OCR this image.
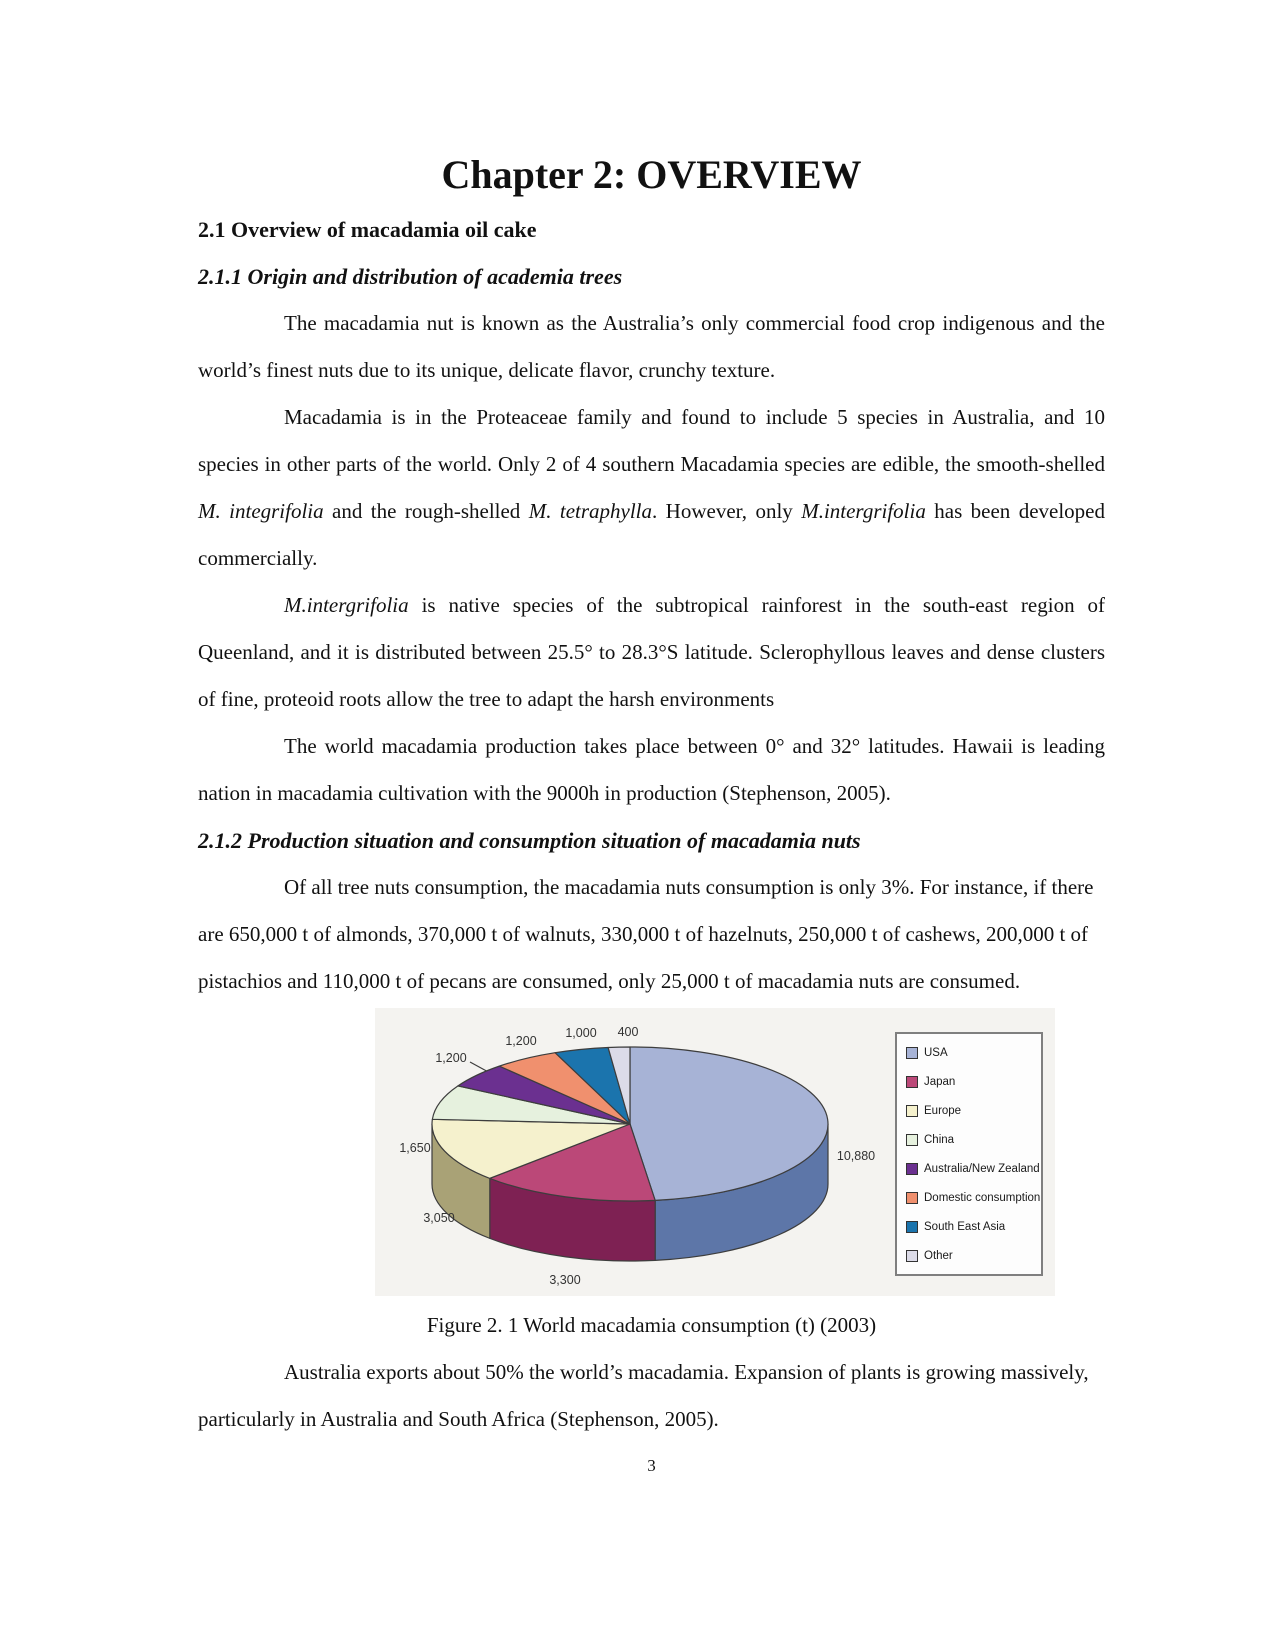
Chapter 2: OVERVIEW
2.1 Overview of macadamia oil cake
2.1.1 Origin and distribution of academia trees

The macadamia nut is known as the Australia’s only commercial food crop indigenous and the world’s finest nuts due to its unique, delicate flavor, crunchy texture.

Macadamia is in the Proteaceae family and found to include 5 species in Australia, and 10 species in other parts of the world. Only 2 of 4 southern Macadamia species are edible, the smooth-shelled M. integrifolia and the rough-shelled M. tetraphylla. However, only M.intergrifolia has been developed commercially.

M.intergrifolia is native species of the subtropical rainforest in the south-east region of Queenland, and it is distributed between 25.5° to 28.3°S latitude. Sclerophyllous leaves and dense clusters of fine, proteoid roots allow the tree to adapt the harsh environments

The world macadamia production takes place between 0° and 32° latitudes. Hawaii is leading nation in macadamia cultivation with the 9000h in production (Stephenson, 2005).

2.1.2 Production situation and consumption situation of macadamia nuts

Of all tree nuts consumption, the macadamia nuts consumption is only 3%. For instance, if there are 650,000 t of almonds, 370,000 t of walnuts, 330,000 t of hazelnuts, 250,000 t of cashews, 200,000 t of pistachios and 110,000 t of pecans are consumed, only 25,000 t of macadamia nuts are consumed.

10,880
3,300
3,050
1,650
1,200
1,200
1,000 400
USA
Japan
Europe
China
Australia/New Zealand
Domestic consumption
South East Asia
Other

Figure 2. 1 World macadamia consumption (t) (2003)

Australia exports about 50% the world’s macadamia. Expansion of plants is growing massively, particularly in Australia and South Africa (Stephenson, 2005).

3
